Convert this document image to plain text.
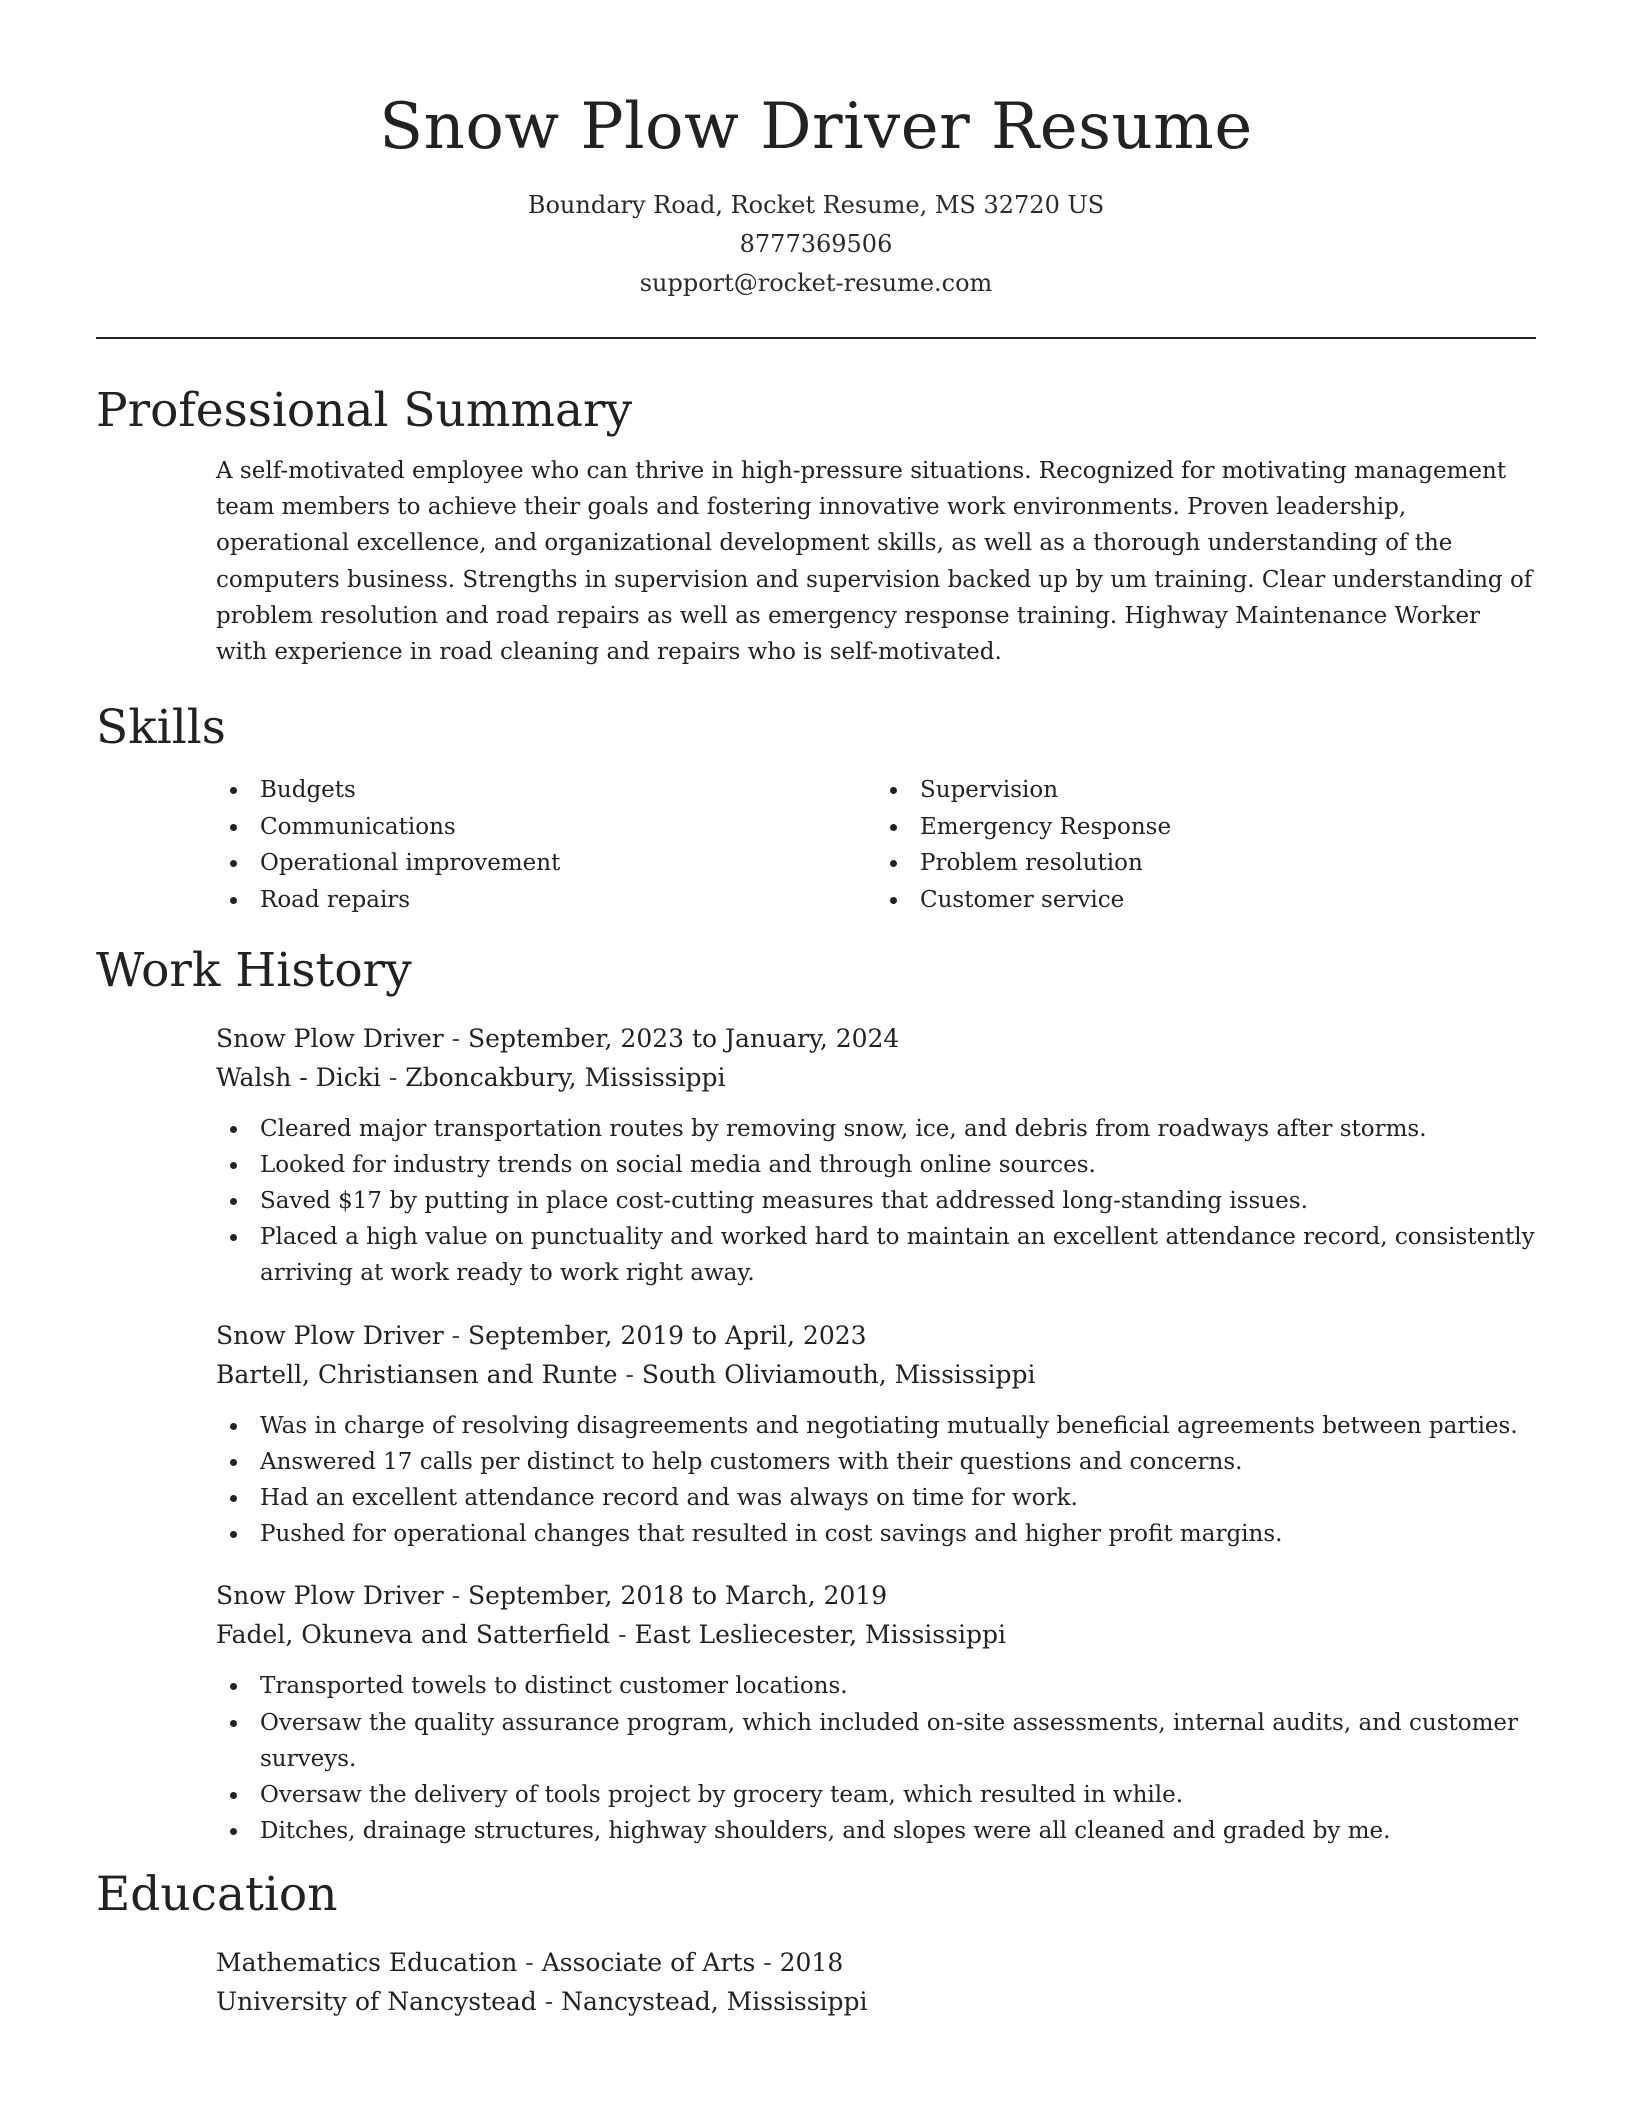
Snow Plow Driver Resume
Boundary Road, Rocket Resume, MS 32720 US
8777369506
support@rocket-resume.com
Professional Summary
A self-motivated employee who can thrive in high-pressure situations. Recognized for motivating management team members to achieve their goals and fostering innovative work environments. Proven leadership, operational excellence, and organizational development skills, as well as a thorough understanding of the computers business. Strengths in supervision and supervision backed up by um training. Clear understanding of problem resolution and road repairs as well as emergency response training. Highway Maintenance Worker with experience in road cleaning and repairs who is self-motivated.
Skills
Budgets
Communications
Operational improvement
Road repairs
Supervision
Emergency Response
Problem resolution
Customer service
Work History
Snow Plow Driver - September, 2023 to January, 2024
Walsh - Dicki - Zboncakbury, Mississippi
Cleared major transportation routes by removing snow, ice, and debris from roadways after storms.
Looked for industry trends on social media and through online sources.
Saved $17 by putting in place cost-cutting measures that addressed long-standing issues.
Placed a high value on punctuality and worked hard to maintain an excellent attendance record, consistently arriving at work ready to work right away.
Snow Plow Driver - September, 2019 to April, 2023
Bartell, Christiansen and Runte - South Oliviamouth, Mississippi
Was in charge of resolving disagreements and negotiating mutually beneficial agreements between parties.
Answered 17 calls per distinct to help customers with their questions and concerns.
Had an excellent attendance record and was always on time for work.
Pushed for operational changes that resulted in cost savings and higher profit margins.
Snow Plow Driver - September, 2018 to March, 2019
Fadel, Okuneva and Satterfield - East Lesliecester, Mississippi
Transported towels to distinct customer locations.
Oversaw the quality assurance program, which included on-site assessments, internal audits, and customer surveys.
Oversaw the delivery of tools project by grocery team, which resulted in while.
Ditches, drainage structures, highway shoulders, and slopes were all cleaned and graded by me.
Education
Mathematics Education - Associate of Arts - 2018
University of Nancystead - Nancystead, Mississippi
